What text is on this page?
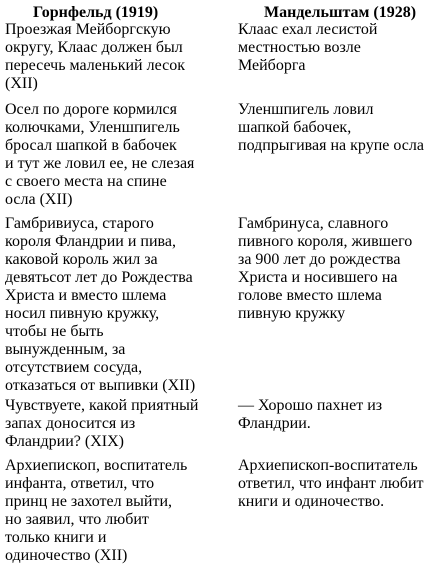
Горнфельд (1919)	Мандельштам (1928)

Проезжая Мейборгскую
округу, Клаас должен был
пересечь маленький лесок
(XII)

Клаас ехал лесистой
местностью возле
Мейборга

Осел по дороге кормился
колючками, Уленшпигель
бросал шапкой в бабочек
и тут же ловил ее, не слезая
с своего места на спине
осла (XII)

Уленшпигель ловил
шапкой бабочек,
подпрыгивая на крупе осла

Гамбривиуса, старого
короля Фландрии и пива,
каковой король жил за
девятьсот лет до Рождества
Христа и вместо шлема
носил пивную кружку,
чтобы не быть
вынужденным, за
отсутствием сосуда,
отказаться от выпивки (XII)

Гамбринуса, славного
пивного короля, жившего
за 900 лет до рождества
Христа и носившего на
голове вместо шлема
пивную кружку

Чувствуете, какой приятный
запах доносится из
Фландрии? (XIX)

— Хорошо пахнет из
Фландрии.

Архиепископ, воспитатель
инфанта, ответил, что
принц не захотел выйти,
но заявил, что любит
только книги и
одиночество (XII)

Архиепископ-воспитатель
ответил, что инфант любит
книги и одиночество.
